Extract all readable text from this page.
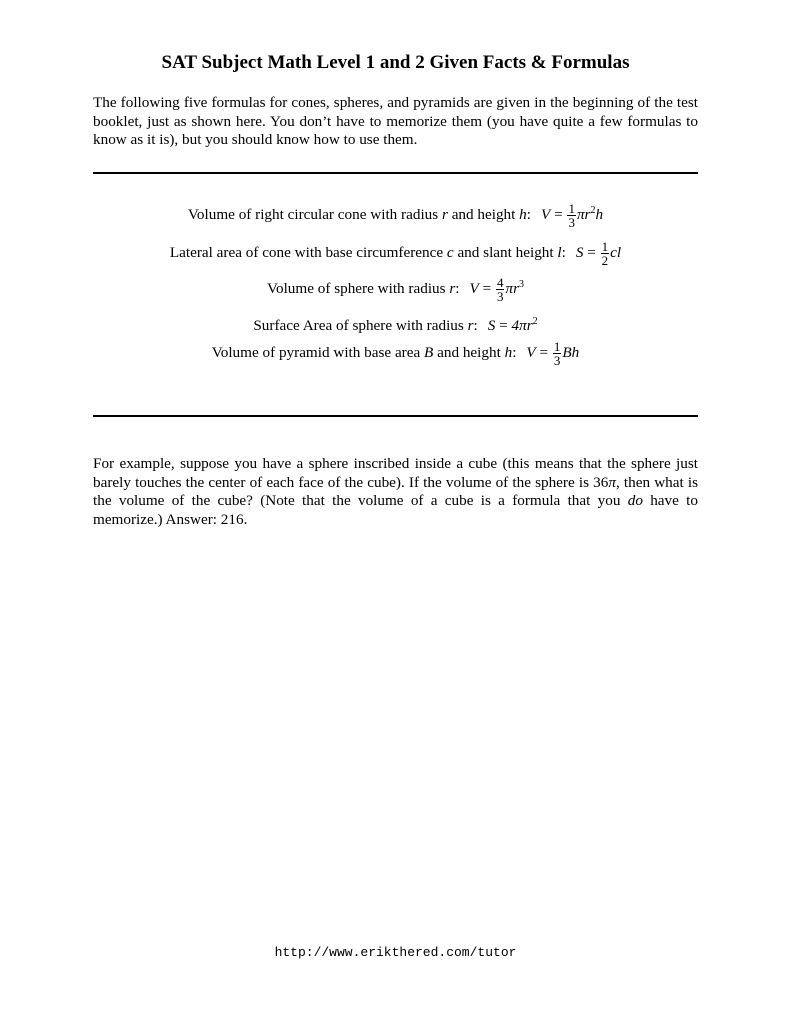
SAT Subject Math Level 1 and 2 Given Facts & Formulas

The following five formulas for cones, spheres, and pyramids are given in the beginning of the test booklet, just as shown here. You don’t have to memorize them (you have quite a few formulas to know as it is), but you should know how to use them.

Volume of right circular cone with radius r and height h: $V = \frac{1}{3} \pi r^2h$
Lateral area of cone with base circumference c and slant height l: $S = \frac{1}{2}$ cl
Volume of sphere with radius r: $V = \frac{4}{3} \pi r^3$
Surface Area of sphere with radius r: $S = 4\pi r^2$
Volume of pyramid with base area B and height h: $V = \frac{1}{3}$ Bh

For example, suppose you have a sphere inscribed inside a cube (this means that the sphere just barely touches the center of each face of the cube). If the volume of the sphere is 36π, then what is the volume of the cube? (Note that the volume of a cube is a formula that you do have to memorize.) Answer: 216.

http://www.erikthered.com/tutor
